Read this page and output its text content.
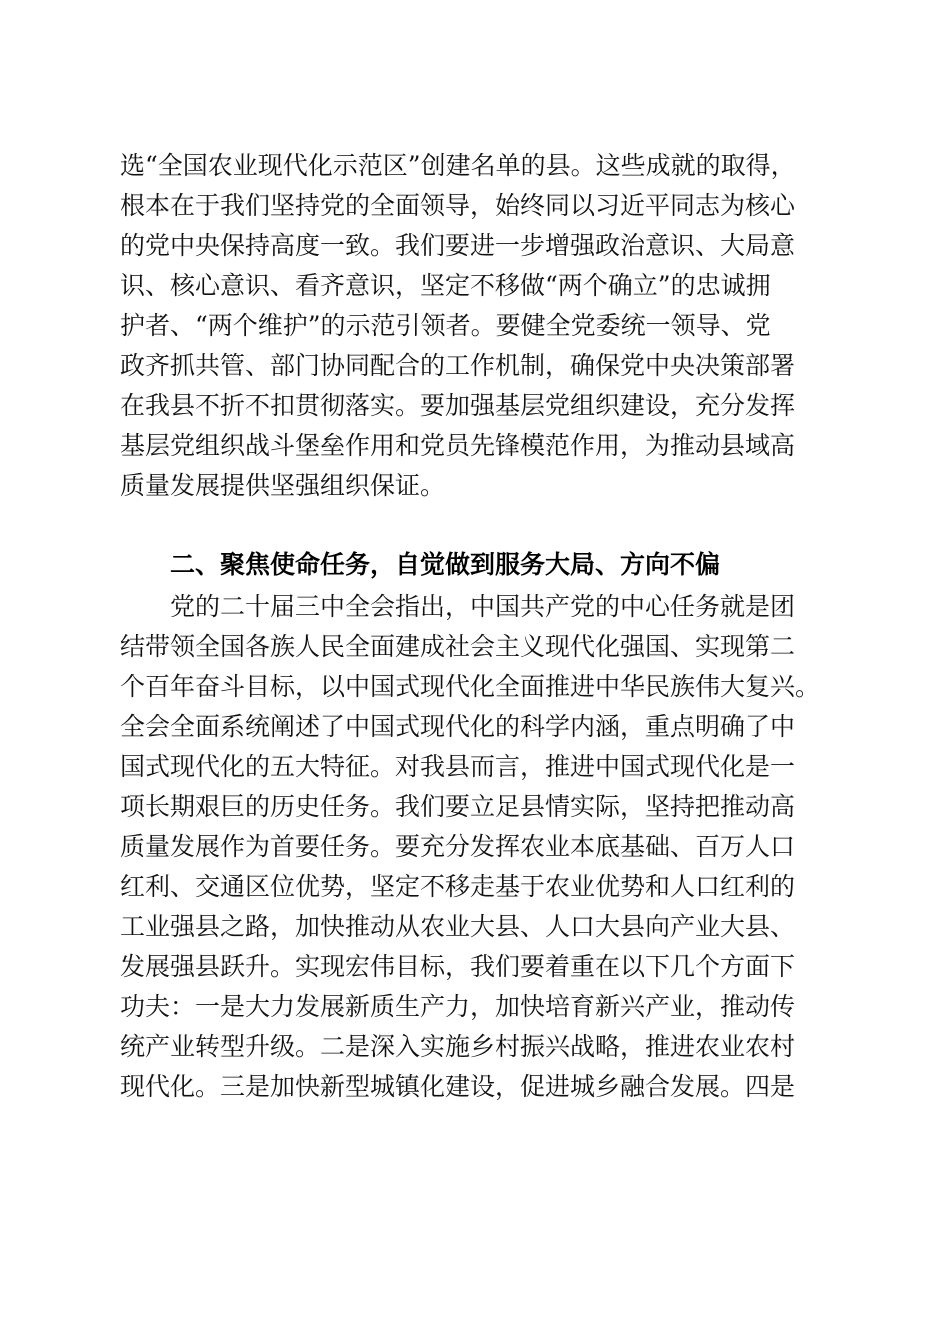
选“全国农业现代化示范区”创建名单的县。这些成就的取得，
根本在于我们坚持党的全面领导，始终同以习近平同志为核心
的党中央保持高度一致。我们要进一步增强政治意识、大局意
识、核心意识、看齐意识，坚定不移做“两个确立”的忠诚拥
护者、“两个维护”的示范引领者。要健全党委统一领导、党
政齐抓共管、部门协同配合的工作机制，确保党中央决策部署
在我县不折不扣贯彻落实。要加强基层党组织建设，充分发挥
基层党组织战斗堡垒作用和党员先锋模范作用，为推动县域高
质量发展提供坚强组织保证。
二、聚焦使命任务，自觉做到服务大局、方向不偏
党的二十届三中全会指出，中国共产党的中心任务就是团
结带领全国各族人民全面建成社会主义现代化强国、实现第二
个百年奋斗目标，以中国式现代化全面推进中华民族伟大复兴。
全会全面系统阐述了中国式现代化的科学内涵，重点明确了中
国式现代化的五大特征。对我县而言，推进中国式现代化是一
项长期艰巨的历史任务。我们要立足县情实际，坚持把推动高
质量发展作为首要任务。要充分发挥农业本底基础、百万人口
红利、交通区位优势，坚定不移走基于农业优势和人口红利的
工业强县之路，加快推动从农业大县、人口大县向产业大县、
发展强县跃升。实现宏伟目标，我们要着重在以下几个方面下
功夫：一是大力发展新质生产力，加快培育新兴产业，推动传
统产业转型升级。二是深入实施乡村振兴战略，推进农业农村
现代化。三是加快新型城镇化建设，促进城乡融合发展。四是
